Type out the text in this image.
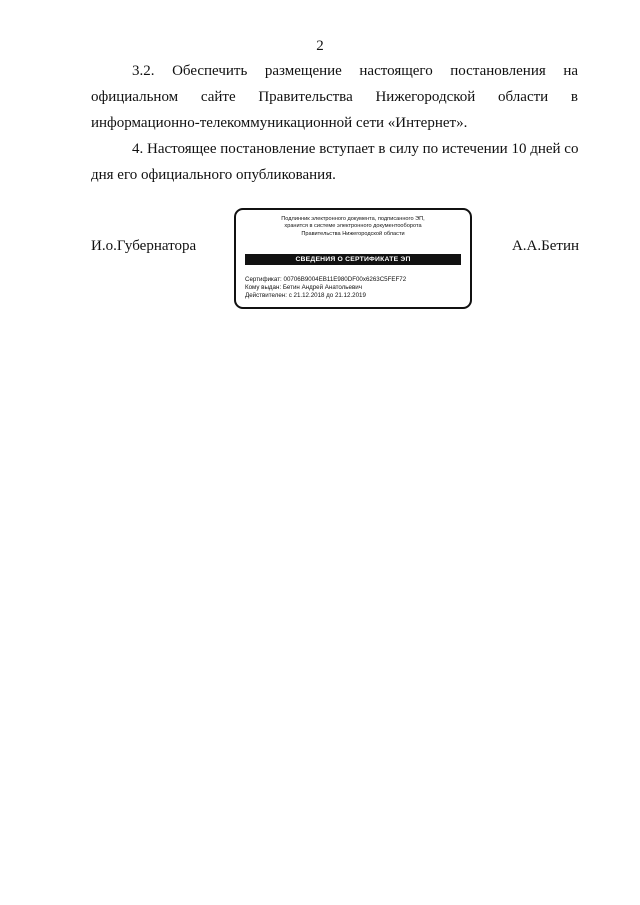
2
3.2. Обеспечить размещение настоящего постановления на
официальном сайте Правительства Нижегородской области в
информационно-телекоммуникационной сети «Интернет».
4. Настоящее постановление вступает в силу по истечении 10 дней со
дня его официального опубликования.
И.о.Губернатора
Подлинник электронного документа, подписанного ЭП,
хранится в системе электронного документооборота
Правительства Нижегородской области
СВЕДЕНИЯ О СЕРТИФИКАТЕ ЭП
Сертификат: 00706B9004EB11E980DF00x6263C5FEF72
Кому выдан: Бетин Андрей Анатольевич
Действителен: с 21.12.2018 до 21.12.2019
А.А.Бетин
